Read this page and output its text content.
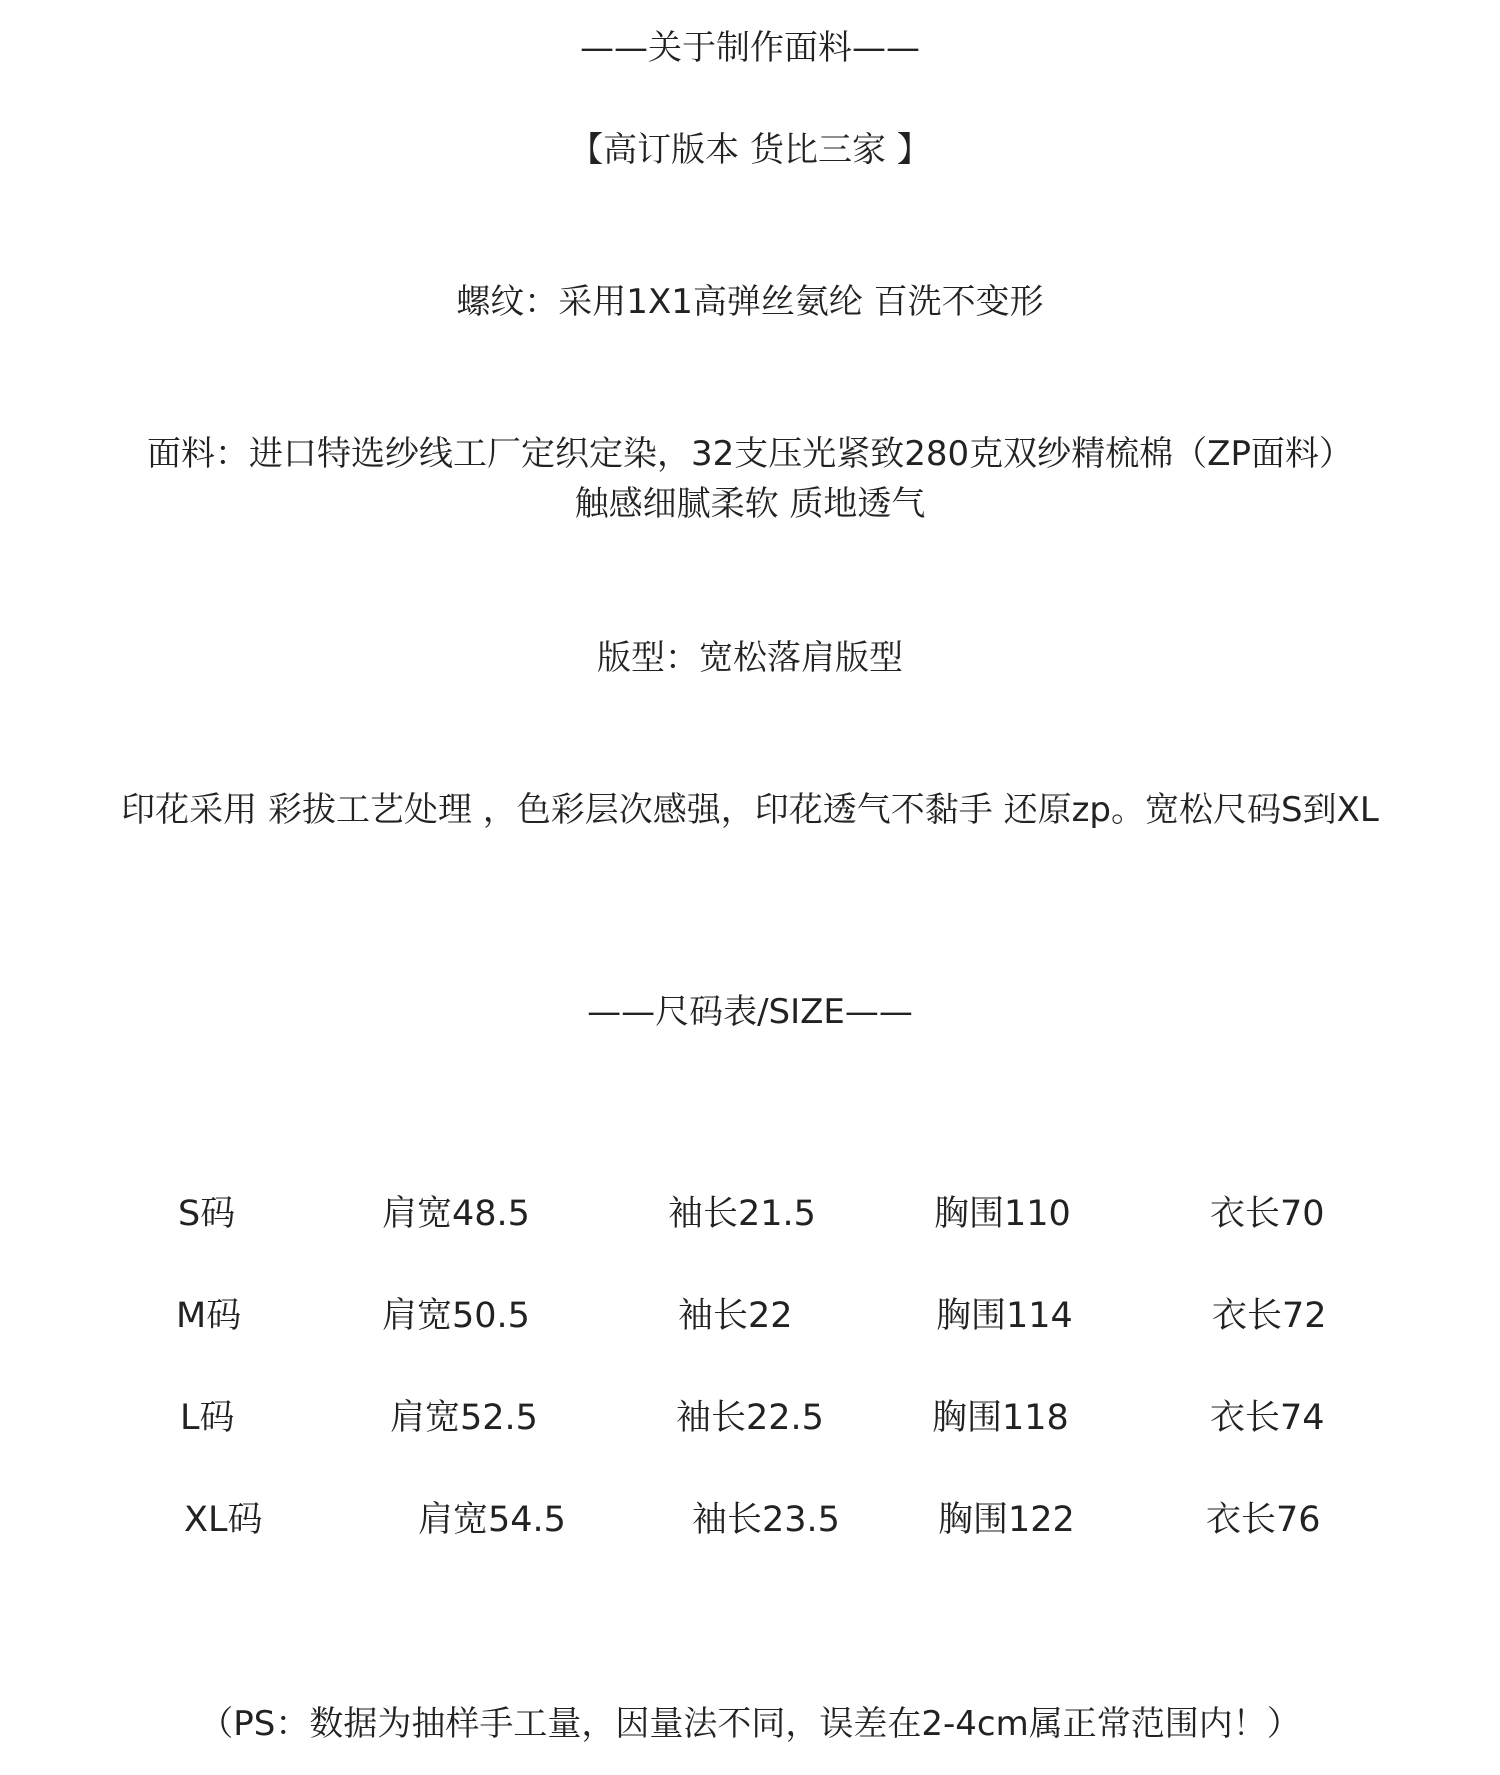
——关于制作面料——
【高订版本 货比三家 】
螺纹：采用1X1高弹丝氨纶 百洗不变形
面料：进口特选纱线工厂定织定染，32支压光紧致280克双纱精梳棉（ZP面料）
触感细腻柔软 质地透气
版型：宽松落肩版型
印花采用 彩拔工艺处理 ，色彩层次感强，印花透气不黏手 还原zp。宽松尺码S到XL
——尺码表/SIZE——
S码	肩宽48.5	袖长21.5	胸围110	衣长70
M码	肩宽50.5	袖长22	胸围114	衣长72
L码	肩宽52.5	袖长22.5	胸围118	衣长74
XL码	肩宽54.5	袖长23.5	胸围122	衣长76
（PS：数据为抽样手工量，因量法不同，误差在2-4cm属正常范围内！）
